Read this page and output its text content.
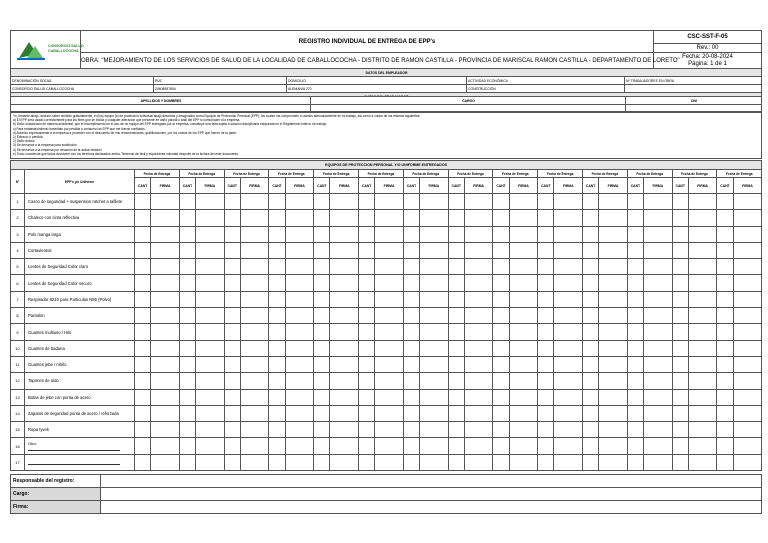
CONSORCIO SALUD
CABALLOCOCHA	REGISTRO INDIVIDUAL DE ENTREGA DE EPP's	CSC-SST-F-05
		Rev.: 00
	OBRA: "MEJORAMIENTO DE LOS SERVICIOS DE SALUD DE LA LOCALIDAD DE CABALLOCOCHA - DISTRITO DE RAMON CASTILLA - PROVINCIA DE MARISCAL RAMON CASTILLA - DEPARTAMENTO DE LORETO"	Fecha: 20-08-2024
Página: 1 de 1
DATOS DEL EMPLEADOR				
DENOMINACIÓN SOCIAL	RUC	DOMICILIO	ACTIVIDAD ECONÓMICA	Nº TRABAJADORES EN OBRA
CONSORCIO SALUD CABALLOCOCHA	20608987654	ALEMANIA 270	CONSTRUCCIÓN	

APELLIDOS Y NOMBRES	CARGO	DNI

Yo, firmante abajo, declaro haber recibido gratuitamente, el (los) equipo (s) de protección individual abajo descritos y designados como Equipos de Protección Personal (EPP), los cuales me comprometo a usarlos adecuadamente en mi trabajo, así como a cuidar de los mismos siguientes:
a) El EPP será usado correctamente para los fines que se indica y cualquier alteración que presente en daño parcial o total del EPP lo comunicaré a la empresa.
b) Daño ocasionado de manera accidental, que el incumplimiento en el uso de un equipo del EPP entregado por la empresa, constituye una falta sujeta a sanción disciplinaria estipulada en el Reglamento Interno de trabajo.
c) Para reabastecimiento inmediato por pérdida o consumo los EPP que me fueron confiados.
d) Autorizo expresamente a la empresa a proceder con el descuento de mis remuneraciones, gratificaciones, por los costos de los EPP que fueron de la parte:
1) Extravío o pérdida
2) Daño doloso
3) Se devuelva a la empresa para sustitución
4) Se devuelva a la empresa por cesación de la actual relación
e) Tomo conciencia que todos devolveré con los términos declarados arriba. Teniendo de fácil y espontánea voluntad después de la lectura del este documento.
EQUIPOS DE PROTECCION PERSONAL Y/O UNIFORME ENTREGADOS																													
N°	EPP's y/o Uniforme	Fecha de Entrega		Fecha de Entrega		Fecha de Entrega		Fecha de Entrega		Fecha de Entrega		Fecha de Entrega		Fecha de Entrega		Fecha de Entrega		Fecha de Entrega		Fecha de Entrega		Fecha de Entrega		Fecha de Entrega		Fecha de Entrega		Fecha de Entrega	
		CANT	FIRMA	CANT	FIRMA	CANT	FIRMA	CANT	FIRMA	CANT	FIRMA	CANT	FIRMA	CANT	FIRMA	CANT	FIRMA	CANT	FIRMA	CANT	FIRMA	CANT	FIRMA	CANT	FIRMA	CANT	FIRMA	CANT	FIRMA
1	Casco de seguridad + suspension ratchet a tafilete																												
2	Chaleco con cinta reflectiva																												
3	Polo manga larga																												
4	Cortavientos																												
5	Lentes de Seguridad Color claro																												
6	Lentes de Seguridad Color oscuro																												
7	Respirador 8210 para Particulas N95 (Polvo)																												
8	Pantalon																												
9	Guantes multiuso / Hilo																												
10	Guantes de badana																												
11	Guantes jebe / nitrilo																												
12	Tapones de oido																												
13	Botas de jebe con punta de acero																												
14	Zapatos de seguridad punta de acero / reforzada																												
15	Ropa tyvek																												
16	Otro:

17																													
Responsable del registro:	
Cargo:	
Firma:	
